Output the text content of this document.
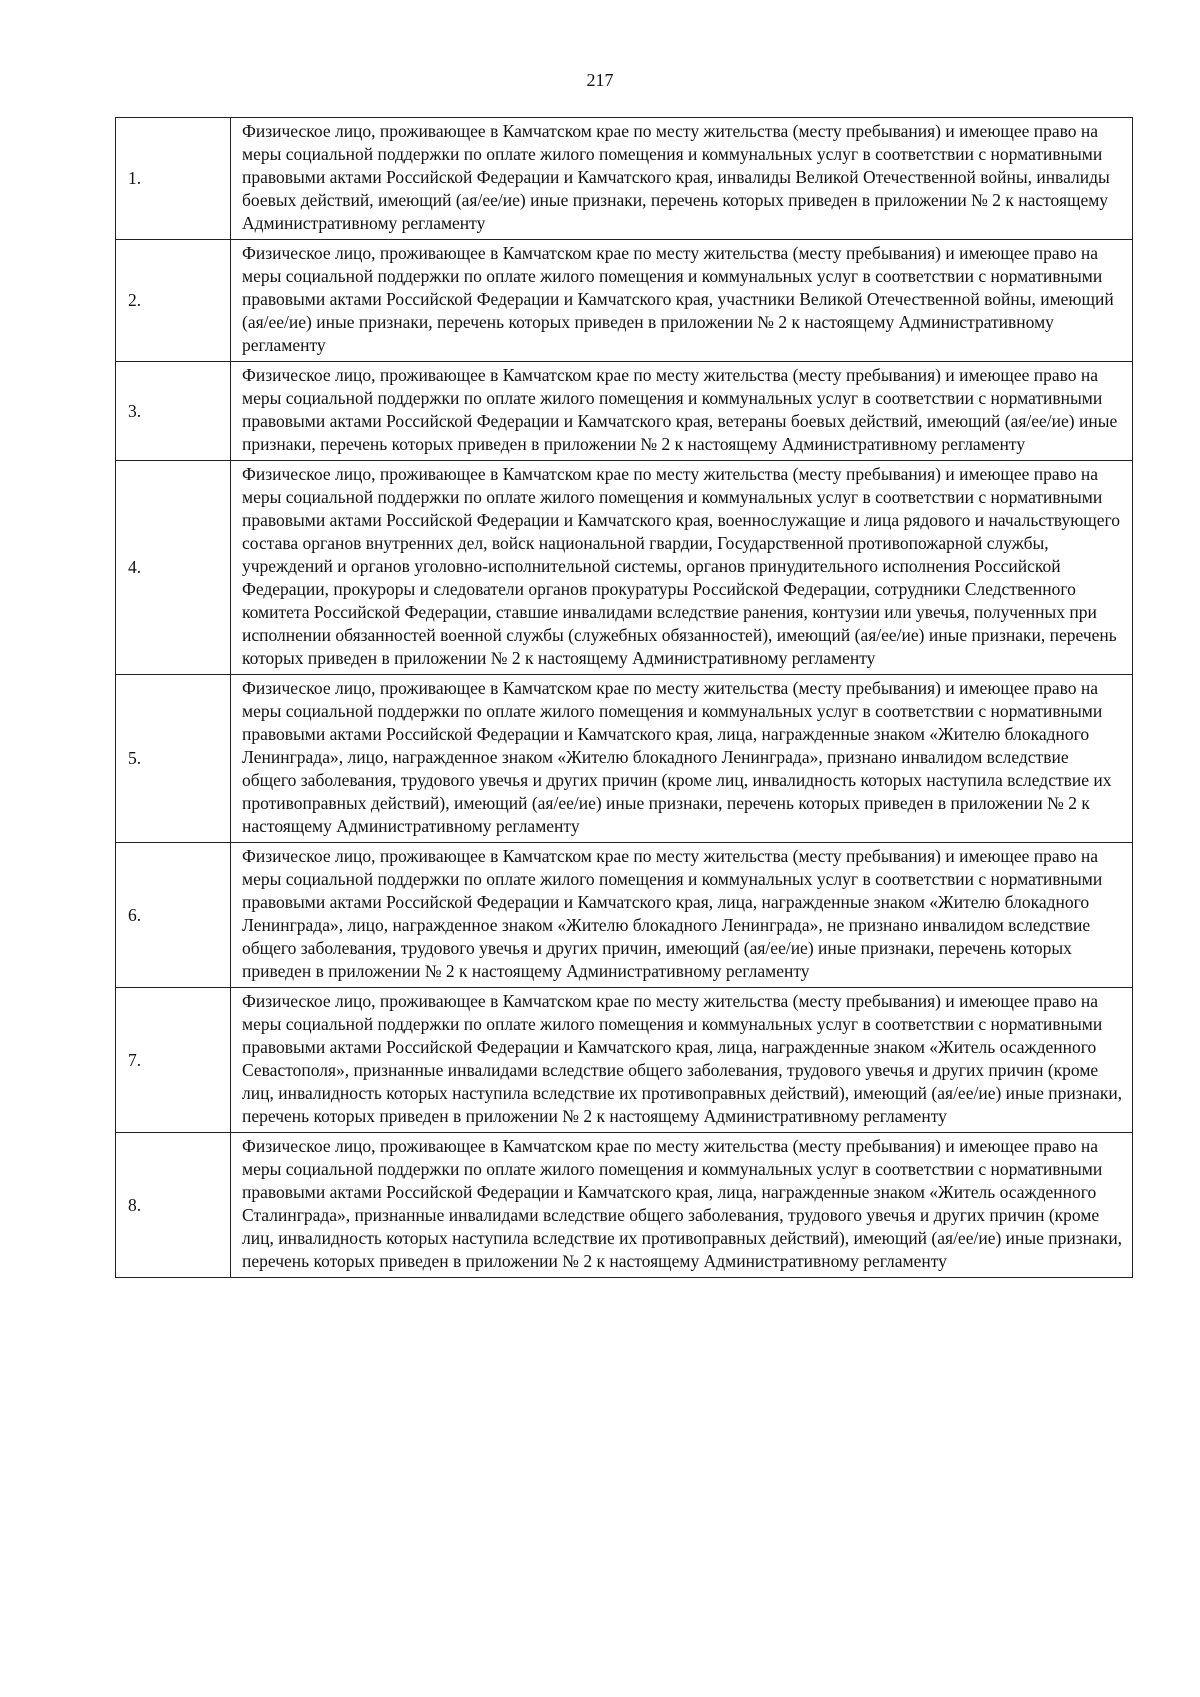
217
1.	Физическое лицо, проживающее в Камчатском крае по месту жительства (месту пребывания) и имеющее право на меры социальной поддержки по оплате жилого помещения и коммунальных услуг в соответствии с нормативными правовыми актами Российской Федерации и Камчатского края, инвалиды Великой Отечественной войны, инвалиды боевых действий, имеющий (ая/ее/ие) иные признаки, перечень которых приведен в приложении № 2 к настоящему Административному регламенту
2.	Физическое лицо, проживающее в Камчатском крае по месту жительства (месту пребывания) и имеющее право на меры социальной поддержки по оплате жилого помещения и коммунальных услуг в соответствии с нормативными правовыми актами Российской Федерации и Камчатского края, участники Великой Отечественной войны, имеющий (ая/ее/ие) иные признаки, перечень которых приведен в приложении № 2 к настоящему Административному регламенту
3.	Физическое лицо, проживающее в Камчатском крае по месту жительства (месту пребывания) и имеющее право на меры социальной поддержки по оплате жилого помещения и коммунальных услуг в соответствии с нормативными правовыми актами Российской Федерации и Камчатского края, ветераны боевых действий, имеющий (ая/ее/ие) иные признаки, перечень которых приведен в приложении № 2 к настоящему Административному регламенту
4.	Физическое лицо, проживающее в Камчатском крае по месту жительства (месту пребывания) и имеющее право на меры социальной поддержки по оплате жилого помещения и коммунальных услуг в соответствии с нормативными правовыми актами Российской Федерации и Камчатского края, военнослужащие и лица рядового и начальствующего состава органов внутренних дел, войск национальной гвардии, Государственной противопожарной службы, учреждений и органов уголовно-исполнительной системы, органов принудительного исполнения Российской Федерации, прокуроры и следователи органов прокуратуры Российской Федерации, сотрудники Следственного комитета Российской Федерации, ставшие инвалидами вследствие ранения, контузии или увечья, полученных при исполнении обязанностей военной службы (служебных обязанностей), имеющий (ая/ее/ие) иные признаки, перечень которых приведен в приложении № 2 к настоящему Административному регламенту
5.	Физическое лицо, проживающее в Камчатском крае по месту жительства (месту пребывания) и имеющее право на меры социальной поддержки по оплате жилого помещения и коммунальных услуг в соответствии с нормативными правовыми актами Российской Федерации и Камчатского края, лица, награжденные знаком «Жителю блокадного Ленинграда», лицо, награжденное знаком «Жителю блокадного Ленинграда», признано инвалидом вследствие общего заболевания, трудового увечья и других причин (кроме лиц, инвалидность которых наступила вследствие их противоправных действий), имеющий (ая/ее/ие) иные признаки, перечень которых приведен в приложении № 2 к настоящему Административному регламенту
6.	Физическое лицо, проживающее в Камчатском крае по месту жительства (месту пребывания) и имеющее право на меры социальной поддержки по оплате жилого помещения и коммунальных услуг в соответствии с нормативными правовыми актами Российской Федерации и Камчатского края, лица, награжденные знаком «Жителю блокадного Ленинграда», лицо, награжденное знаком «Жителю блокадного Ленинграда», не признано инвалидом вследствие общего заболевания, трудового увечья и других причин, имеющий (ая/ее/ие) иные признаки, перечень которых приведен в приложении № 2 к настоящему Административному регламенту
7.	Физическое лицо, проживающее в Камчатском крае по месту жительства (месту пребывания) и имеющее право на меры социальной поддержки по оплате жилого помещения и коммунальных услуг в соответствии с нормативными правовыми актами Российской Федерации и Камчатского края, лица, награжденные знаком «Житель осажденного Севастополя», признанные инвалидами вследствие общего заболевания, трудового увечья и других причин (кроме лиц, инвалидность которых наступила вследствие их противоправных действий), имеющий (ая/ее/ие) иные признаки, перечень которых приведен в приложении № 2 к настоящему Административному регламенту
8.	Физическое лицо, проживающее в Камчатском крае по месту жительства (месту пребывания) и имеющее право на меры социальной поддержки по оплате жилого помещения и коммунальных услуг в соответствии с нормативными правовыми актами Российской Федерации и Камчатского края, лица, награжденные знаком «Житель осажденного Сталинграда», признанные инвалидами вследствие общего заболевания, трудового увечья и других причин (кроме лиц, инвалидность которых наступила вследствие их противоправных действий), имеющий (ая/ее/ие) иные признаки, перечень которых приведен в приложении № 2 к настоящему Административному регламенту
